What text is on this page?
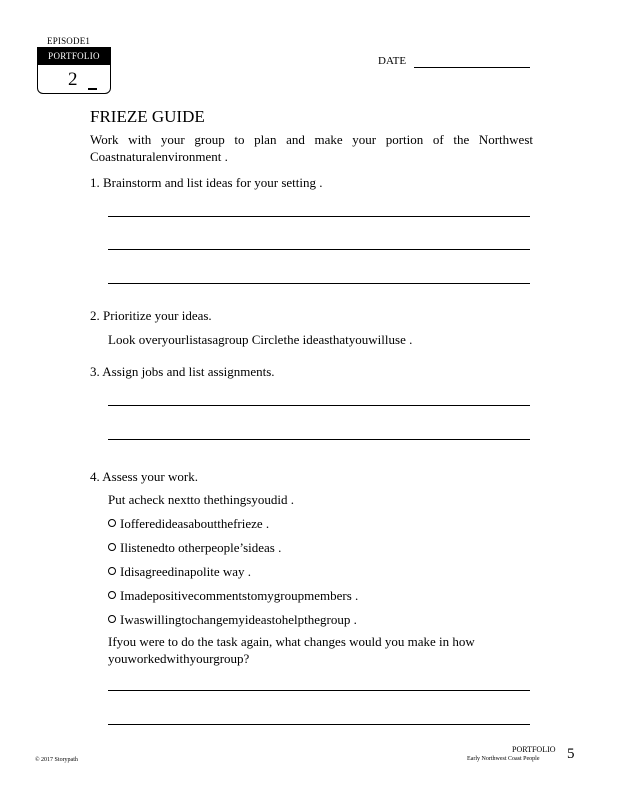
EPISODE1
PORTFOLIO
2
DATE
FRIEZE GUIDE
Work with your group to plan and make your portion of the Northwest Coastnaturalenvironment .
1. Brainstorm and list ideas for your setting .
2. Prioritize your ideas.
Look overyourlistasagroup Circlethe ideasthatyouwilluse .
3. Assign jobs and list assignments.
4. Assess your work.
Put acheck nextto thethingsyoudid .
Iofferedideasaboutthefrieze .
Ilistenedto otherpeople’sideas .
Idisagreedinapolite way .
Imadepositivecommentstomygroupmembers .
Iwaswillingtochangemyideastohelpthegroup .
Ifyou were to do the task again, what changes would you make in how
youworkedwithyourgroup?
© 2017 Storypath
PORTFOLIO
Early Northwest Coast People 5
